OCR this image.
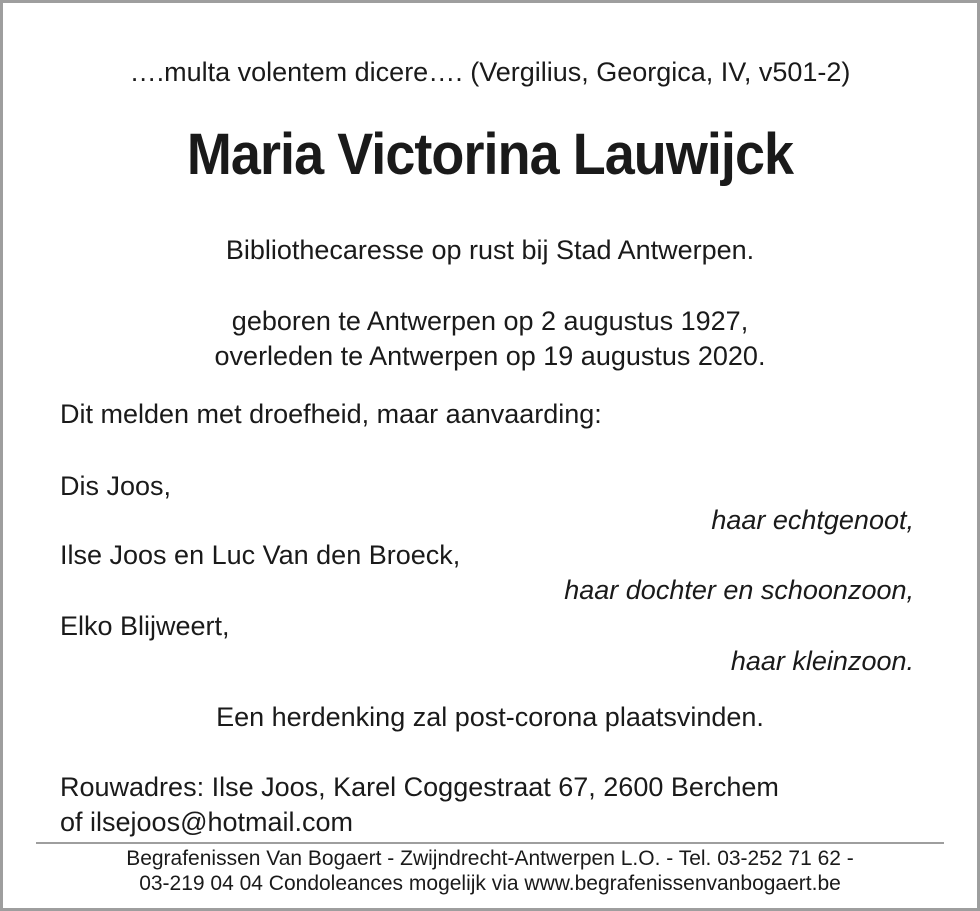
….multa volentem dicere…. (Vergilius, Georgica, IV, v501-2)
Maria Victorina Lauwijck
Bibliothecaresse op rust bij Stad Antwerpen.
geboren te Antwerpen op 2 augustus 1927,
overleden te Antwerpen op 19 augustus 2020.
Dit melden met droefheid, maar aanvaarding:
Dis Joos,
haar echtgenoot,
Ilse Joos en Luc Van den Broeck,
haar dochter en schoonzoon,
Elko Blijweert,
haar kleinzoon.
Een herdenking zal post-corona plaatsvinden.
Rouwadres: Ilse Joos, Karel Coggestraat 67, 2600 Berchem
of ilsejoos@hotmail.com
Begrafenissen Van Bogaert - Zwijndrecht-Antwerpen L.O. - Tel. 03-252 71 62 -
03-219 04 04 Condoleances mogelijk via www.begrafenissenvanbogaert.be
